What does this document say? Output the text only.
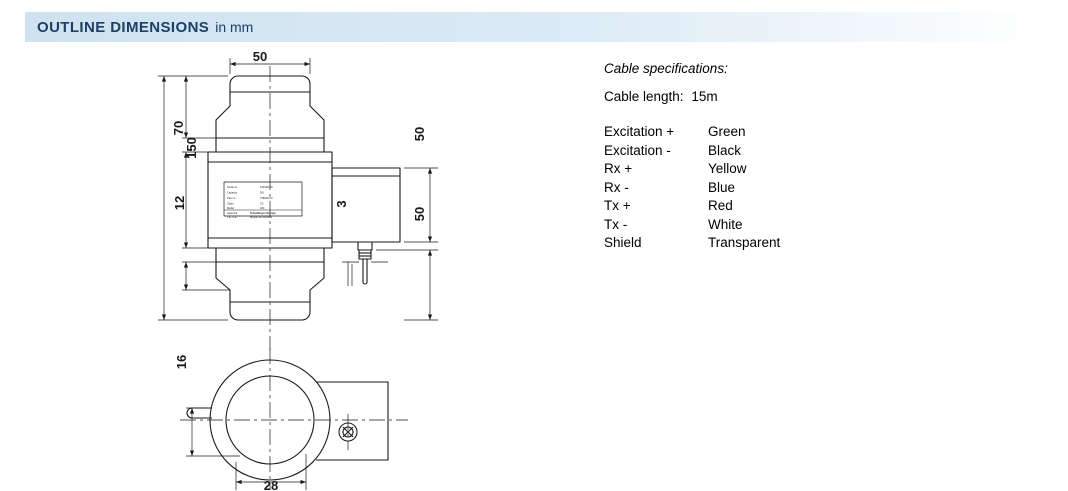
OUTLINE DIMENSIONS in mm
Serial no	1234S6-00
Capacity	50t
Part no	728000-03
Class	C3
Model	400
Approval	Tensoflexyro Europe
T.E. C.E.	MADE IN FRANCE
50
150
70
12
50
50
3
16
28
Cable specifications:
Cable length: 15m
Excitation +	Green
Excitation -	Black
Rx +	Yellow
Rx -	Blue
Tx +	Red
Tx -	White
Shield	Transparent
